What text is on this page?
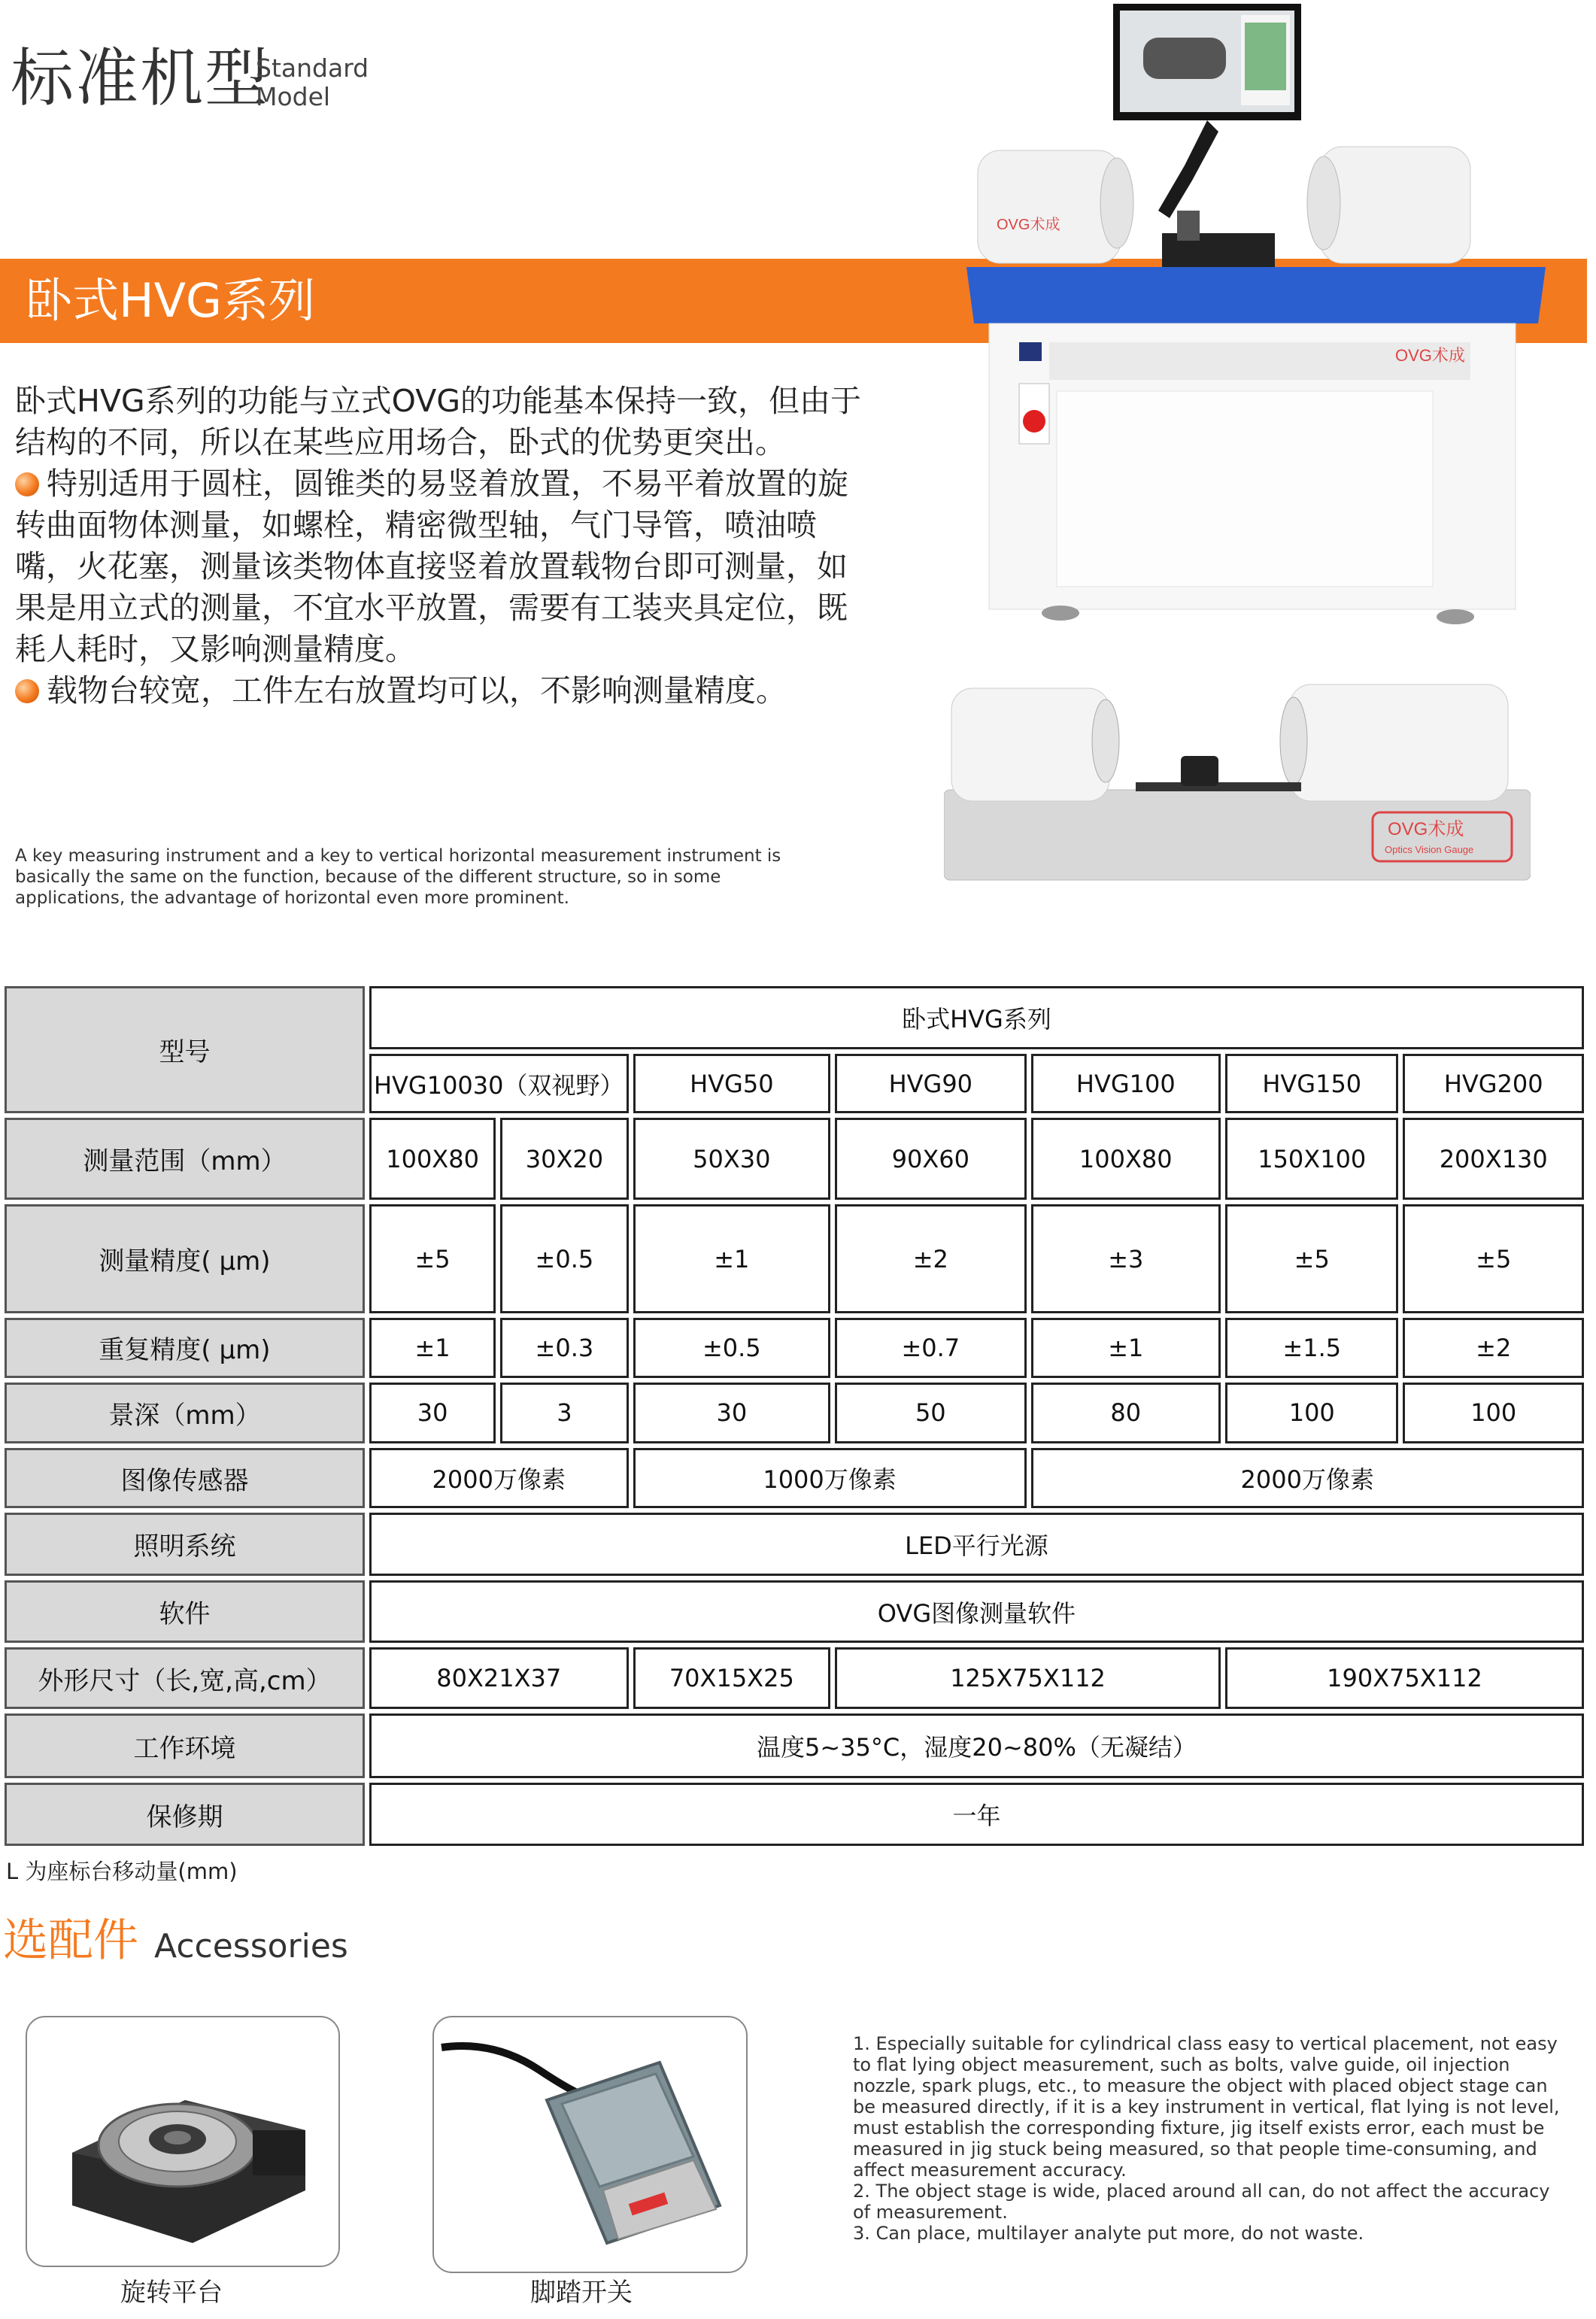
标准机型
Standard
Model
卧式HVG系列
OVG术成
OVG术成
OVG术成
Optics Vision Gauge

卧式HVG系列的功能与立式OVG的功能基本保持一致，但由于结构的不同，所以在某些应用场合，卧式的优势更突出。

特别适用于圆柱，圆锥类的易竖着放置，不易平着放置的旋转曲面物体测量，如螺栓，精密微型轴，气门导管，喷油喷嘴，火花塞，测量该类物体直接竖着放置载物台即可测量，如果是用立式的测量，不宜水平放置，需要有工装夹具定位，既耗人耗时，又影响测量精度。

载物台较宽，工件左右放置均可以，不影响测量精度。

A key measuring instrument and a key to vertical horizontal measurement instrument is basically the same on the function, because of the different structure, so in some applications, the advantage of horizontal even more prominent.
型号	卧式HVG系列						
	HVG10030（双视野）		HVG50	HVG90	HVG100	HVG150	HVG200
测量范围（mm）	100X80	30X20	50X30	90X60	100X80	150X100	200X130
测量精度( μm)	±5	±0.5	±1	±2	±3	±5	±5
重复精度( μm)	±1	±0.3	±0.5	±0.7	±1	±1.5	±2
景深（mm）	30	3	30	50	80	100	100
图像传感器	2000万像素		1000万像素		2000万像素		
照明系统	LED平行光源						
软件	OVG图像测量软件						
外形尺寸（长,宽,高,cm）	80X21X37		70X15X25	125X75X112		190X75X112	
工作环境	温度5~35°C，湿度20~80%（无凝结）						
保修期	一年						
L 为座标台移动量(mm)
选配件 Accessories
旋转平台	脚踏开关

1. Especially suitable for cylindrical class easy to vertical placement, not easy to flat lying object measurement, such as bolts, valve guide, oil injection nozzle, spark plugs, etc., to measure the object with placed object stage can be measured directly, if it is a key instrument in vertical, flat lying is not level, must establish the corresponding fixture, jig itself exists error, each must be measured in jig stuck being measured, so that people time-consuming, and affect measurement accuracy.

2. The object stage is wide, placed around all can, do not affect the accuracy of measurement.

3. Can place, multilayer analyte put more, do not waste.
